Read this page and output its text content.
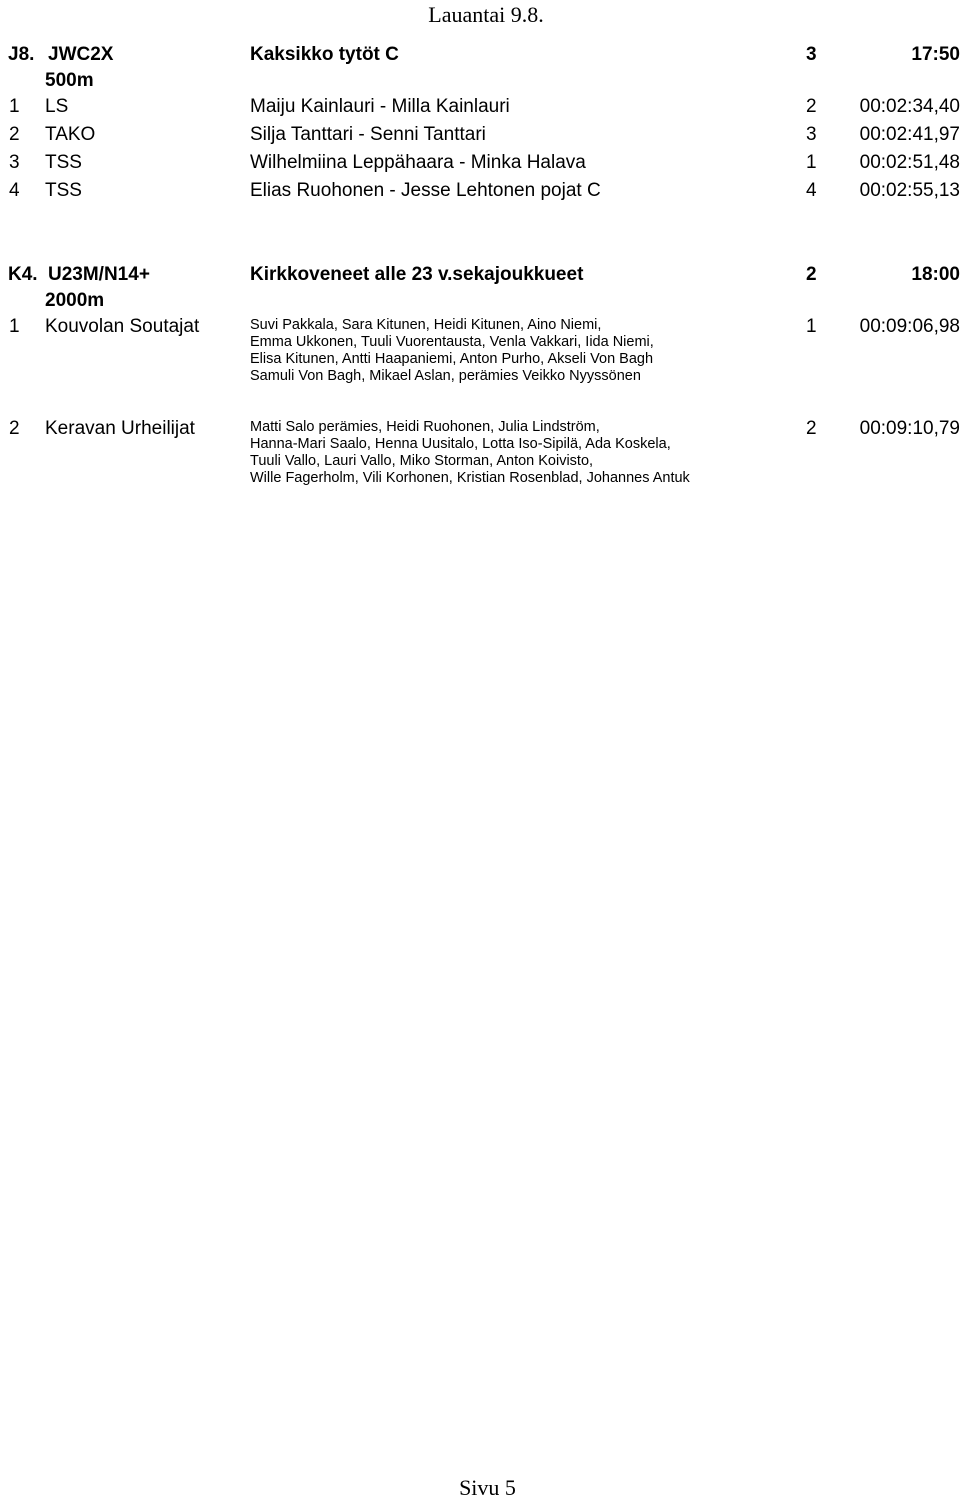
Lauantai 9.8.
J8. JWC2X	Kaksikko tytöt C	3	17:50
500m
1 LS	Maiju Kainlauri - Milla Kainlauri	2	00:02:34,40
2 TAKO	Silja Tanttari - Senni Tanttari	3	00:02:41,97
3 TSS	Wilhelmiina Leppähaara - Minka Halava	1	00:02:51,48
4 TSS	Elias Ruohonen - Jesse Lehtonen pojat C	4	00:02:55,13
K4. U23M/N14+	Kirkkoveneet alle 23 v.sekajoukkueet	2	18:00
2000m
1 Kouvolan Soutajat	Suvi Pakkala, Sara Kitunen, Heidi Kitunen, Aino Niemi,
Emma Ukkonen, Tuuli Vuorentausta, Venla Vakkari, Iida Niemi,
Elisa Kitunen, Antti Haapaniemi, Anton Purho, Akseli Von Bagh
Samuli Von Bagh, Mikael Aslan, perämies Veikko Nyyssönen
1	00:09:06,98
2 Keravan Urheilijat	Matti Salo perämies, Heidi Ruohonen, Julia Lindström,
Hanna-Mari Saalo, Henna Uusitalo, Lotta Iso-Sipilä, Ada Koskela,
Tuuli Vallo, Lauri Vallo, Miko Storman, Anton Koivisto,
Wille Fagerholm, Vili Korhonen, Kristian Rosenblad, Johannes Antuk
2	00:09:10,79
Sivu 5
